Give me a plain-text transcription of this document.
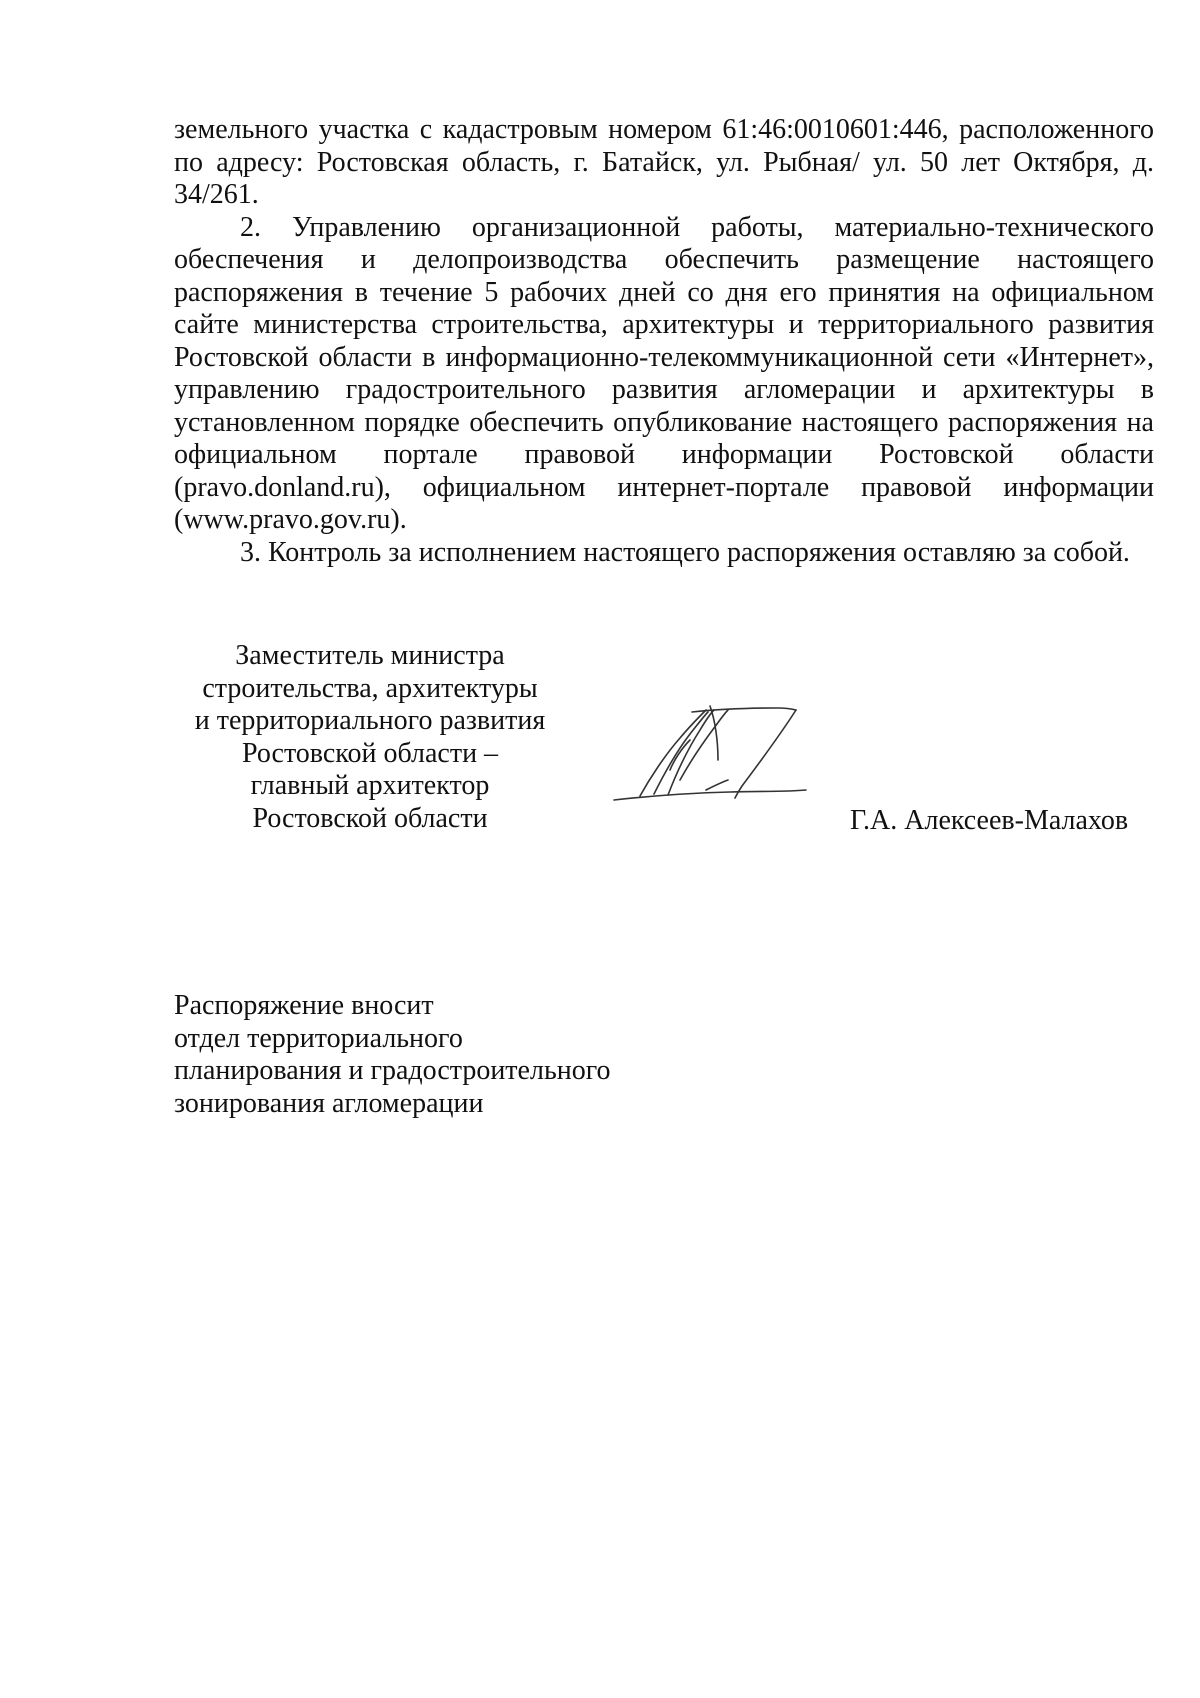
земельного участка с кадастровым номером 61:46:0010601:446, расположенного по адресу: Ростовская область, г. Батайск, ул. Рыбная/ ул. 50 лет Октября, д. 34/261.

2. Управлению организационной работы, материально-технического обеспечения и делопроизводства обеспечить размещение настоящего распоряжения в течение 5 рабочих дней со дня его принятия на официальном сайте министерства строительства, архитектуры и территориального развития Ростовской области в информационно-телекоммуникационной сети «Интернет», управлению градостроительного развития агломерации и архитектуры в установленном порядке обеспечить опубликование настоящего распоряжения на официальном портале правовой информации Ростовской области (pravo.donland.ru), официальном интернет-портале правовой информации (www.pravo.gov.ru).

3. Контроль за исполнением настоящего распоряжения оставляю за собой.

Заместитель министра
строительства, архитектуры
и территориального развития
Ростовской области –
главный архитектор
Ростовской области	Г.А. Алексеев-Малахов
Распоряжение вносит
отдел территориального
планирования и градостроительного
зонирования агломерации
